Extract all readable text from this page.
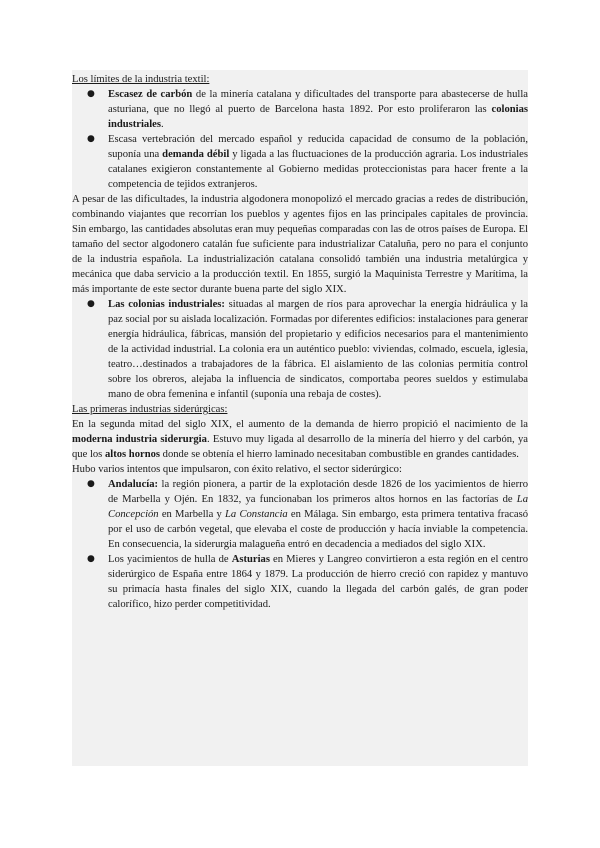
Los límites de la industria textil:

● Escasez de carbón de la minería catalana y dificultades del transporte para abastecerse de hulla asturiana, que no llegó al puerto de Barcelona hasta 1892. Por esto proliferaron las colonias industriales.
● Escasa vertebración del mercado español y reducida capacidad de consumo de la población, suponía una demanda débil y ligada a las fluctuaciones de la producción agraria. Los industriales catalanes exigieron constantemente al Gobierno medidas proteccionistas para hacer frente a la competencia de tejidos extranjeros.

A pesar de las dificultades, la industria algodonera monopolizó el mercado gracias a redes de distribución, combinando viajantes que recorrían los pueblos y agentes fijos en las principales capitales de provincia. Sin embargo, las cantidades absolutas eran muy pequeñas comparadas con las de otros países de Europa. El tamaño del sector algodonero catalán fue suficiente para industrializar Cataluña, pero no para el conjunto de la industria española. La industrialización catalana consolidó también una industria metalúrgica y mecánica que daba servicio a la producción textil. En 1855, surgió la Maquinista Terrestre y Marítima, la más importante de este sector durante buena parte del siglo XIX.

● Las colonias industriales: situadas al margen de ríos para aprovechar la energía hidráulica y la paz social por su aislada localización. Formadas por diferentes edificios: instalaciones para generar energía hidráulica, fábricas, mansión del propietario y edificios necesarios para el mantenimiento de la actividad industrial. La colonia era un auténtico pueblo: viviendas, colmado, escuela, iglesia, teatro…destinados a trabajadores de la fábrica. El aislamiento de las colonias permitía control sobre los obreros, alejaba la influencia de sindicatos, comportaba peores sueldos y estimulaba mano de obra femenina e infantil (suponía una rebaja de costes).

Las primeras industrias siderúrgicas:

En la segunda mitad del siglo XIX, el aumento de la demanda de hierro propició el nacimiento de la moderna industria siderurgia. Estuvo muy ligada al desarrollo de la minería del hierro y del carbón, ya que los altos hornos donde se obtenía el hierro laminado necesitaban combustible en grandes cantidades.

Hubo varios intentos que impulsaron, con éxito relativo, el sector siderúrgico:

● Andalucía: la región pionera, a partir de la explotación desde 1826 de los yacimientos de hierro de Marbella y Ojén. En 1832, ya funcionaban los primeros altos hornos en las factorías de La Concepción en Marbella y La Constancia en Málaga. Sin embargo, esta primera tentativa fracasó por el uso de carbón vegetal, que elevaba el coste de producción y hacía inviable la competencia. En consecuencia, la siderurgia malagueña entró en decadencia a mediados del siglo XIX.
● Los yacimientos de hulla de Asturias en Mieres y Langreo convirtieron a esta región en el centro siderúrgico de España entre 1864 y 1879. La producción de hierro creció con rapidez y mantuvo su primacía hasta finales del siglo XIX, cuando la llegada del carbón galés, de gran poder calorífico, hizo perder competitividad.
